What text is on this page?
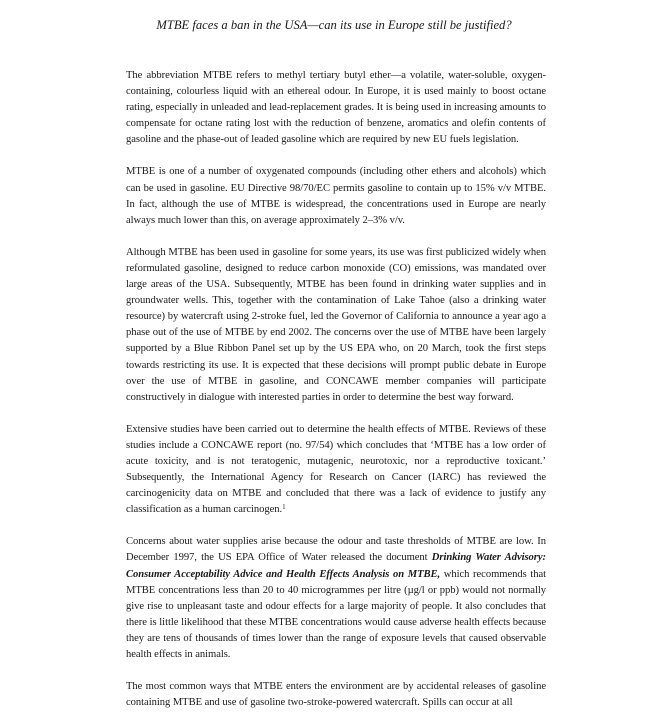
MTBE faces a ban in the USA—can its use in Europe still be justified?

The abbreviation MTBE refers to methyl tertiary butyl ether—a volatile, water-soluble, oxygen-containing, colourless liquid with an ethereal odour. In Europe, it is used mainly to boost octane rating, especially in unleaded and lead-replacement grades. It is being used in increasing amounts to compensate for octane rating lost with the reduction of benzene, aromatics and olefin contents of gasoline and the phase-out of leaded gasoline which are required by new EU fuels legislation.

MTBE is one of a number of oxygenated compounds (including other ethers and alcohols) which can be used in gasoline. EU Directive 98/70/EC permits gasoline to contain up to 15% v/v MTBE. In fact, although the use of MTBE is widespread, the concentrations used in Europe are nearly always much lower than this, on average approximately 2–3% v/v.

Although MTBE has been used in gasoline for some years, its use was first publicized widely when reformulated gasoline, designed to reduce carbon monoxide (CO) emissions, was mandated over large areas of the USA. Subsequently, MTBE has been found in drinking water supplies and in groundwater wells. This, together with the contamination of Lake Tahoe (also a drinking water resource) by watercraft using 2-stroke fuel, led the Governor of California to announce a year ago a phase out of the use of MTBE by end 2002. The concerns over the use of MTBE have been largely supported by a Blue Ribbon Panel set up by the US EPA who, on 20 March, took the first steps towards restricting its use. It is expected that these decisions will prompt public debate in Europe over the use of MTBE in gasoline, and CONCAWE member companies will participate constructively in dialogue with interested parties in order to determine the best way forward.

Extensive studies have been carried out to determine the health effects of MTBE. Reviews of these studies include a CONCAWE report (no. 97/54) which concludes that ‘MTBE has a low order of acute toxicity, and is not teratogenic, mutagenic, neurotoxic, nor a reproductive toxicant.’ Subsequently, the International Agency for Research on Cancer (IARC) has reviewed the carcinogenicity data on MTBE and concluded that there was a lack of evidence to justify any classification as a human carcinogen.$^1$

Concerns about water supplies arise because the odour and taste thresholds of MTBE are low. In December 1997, the US EPA Office of Water released the document Drinking Water Advisory: Consumer Acceptability Advice and Health Effects Analysis on MTBE, which recommends that MTBE concentrations less than 20 to 40 microgrammes per litre (µg/l or ppb) would not normally give rise to unpleasant taste and odour effects for a large majority of people. It also concludes that there is little likelihood that these MTBE concentrations would cause adverse health effects because they are tens of thousands of times lower than the range of exposure levels that caused observable health effects in animals.

The most common ways that MTBE enters the environment are by accidental releases of gasoline containing MTBE and use of gasoline two-stroke-powered watercraft. Spills can occur at all
